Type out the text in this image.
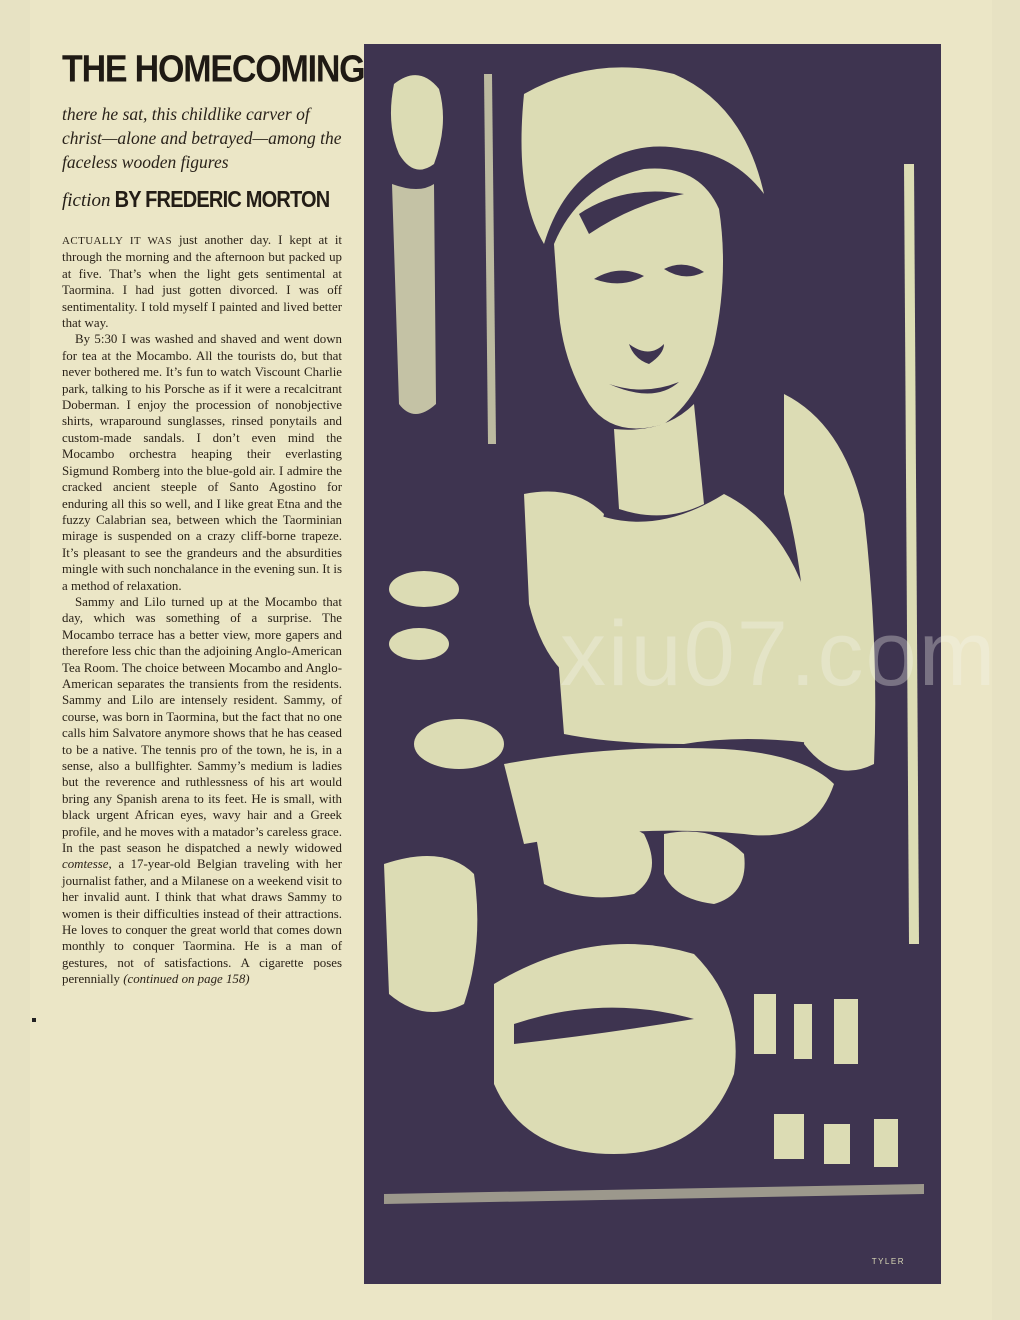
THE HOMECOMING

there he sat, this childlike carver of christ—alone and betrayed—among the faceless wooden figures

fiction BY FREDERIC MORTON

ACTUALLY IT WAS just another day. I kept at it through the morning and the afternoon but packed up at five. That’s when the light gets sentimental at Taormina. I had just gotten divorced. I was off sentimentality. I told myself I painted and lived better that way.

By 5:30 I was washed and shaved and went down for tea at the Mocambo. All the tourists do, but that never bothered me. It’s fun to watch Viscount Charlie park, talking to his Porsche as if it were a recalcitrant Doberman. I enjoy the procession of nonobjective shirts, wraparound sunglasses, rinsed ponytails and custom-made sandals. I don’t even mind the Mocambo orchestra heaping their everlasting Sigmund Romberg into the blue-gold air. I admire the cracked ancient steeple of Santo Agostino for enduring all this so well, and I like great Etna and the fuzzy Calabrian sea, between which the Taorminian mirage is suspended on a crazy cliff-borne trapeze. It’s pleasant to see the grandeurs and the absurdities mingle with such nonchalance in the evening sun. It is a method of relaxation.

Sammy and Lilo turned up at the Mocambo that day, which was something of a surprise. The Mocambo terrace has a better view, more gapers and therefore less chic than the adjoining Anglo-American Tea Room. The choice between Mocambo and Anglo-American separates the transients from the residents. Sammy and Lilo are intensely resident. Sammy, of course, was born in Taormina, but the fact that no one calls him Salvatore anymore shows that he has ceased to be a native. The tennis pro of the town, he is, in a sense, also a bullfighter. Sammy’s medium is ladies but the reverence and ruthlessness of his art would bring any Spanish arena to its feet. He is small, with black urgent African eyes, wavy hair and a Greek profile, and he moves with a matador’s careless grace. In the past season he dispatched a newly widowed comtesse, a 17-year-old Belgian traveling with her journalist father, and a Milanese on a weekend visit to her invalid aunt. I think that what draws Sammy to women is their difficulties instead of their attractions. He loves to conquer the great world that comes down monthly to conquer Taormina. He is a man of gestures, not of satisfactions. A cigarette poses perennially (continued on page 158)

TYLER
xiu07.com
